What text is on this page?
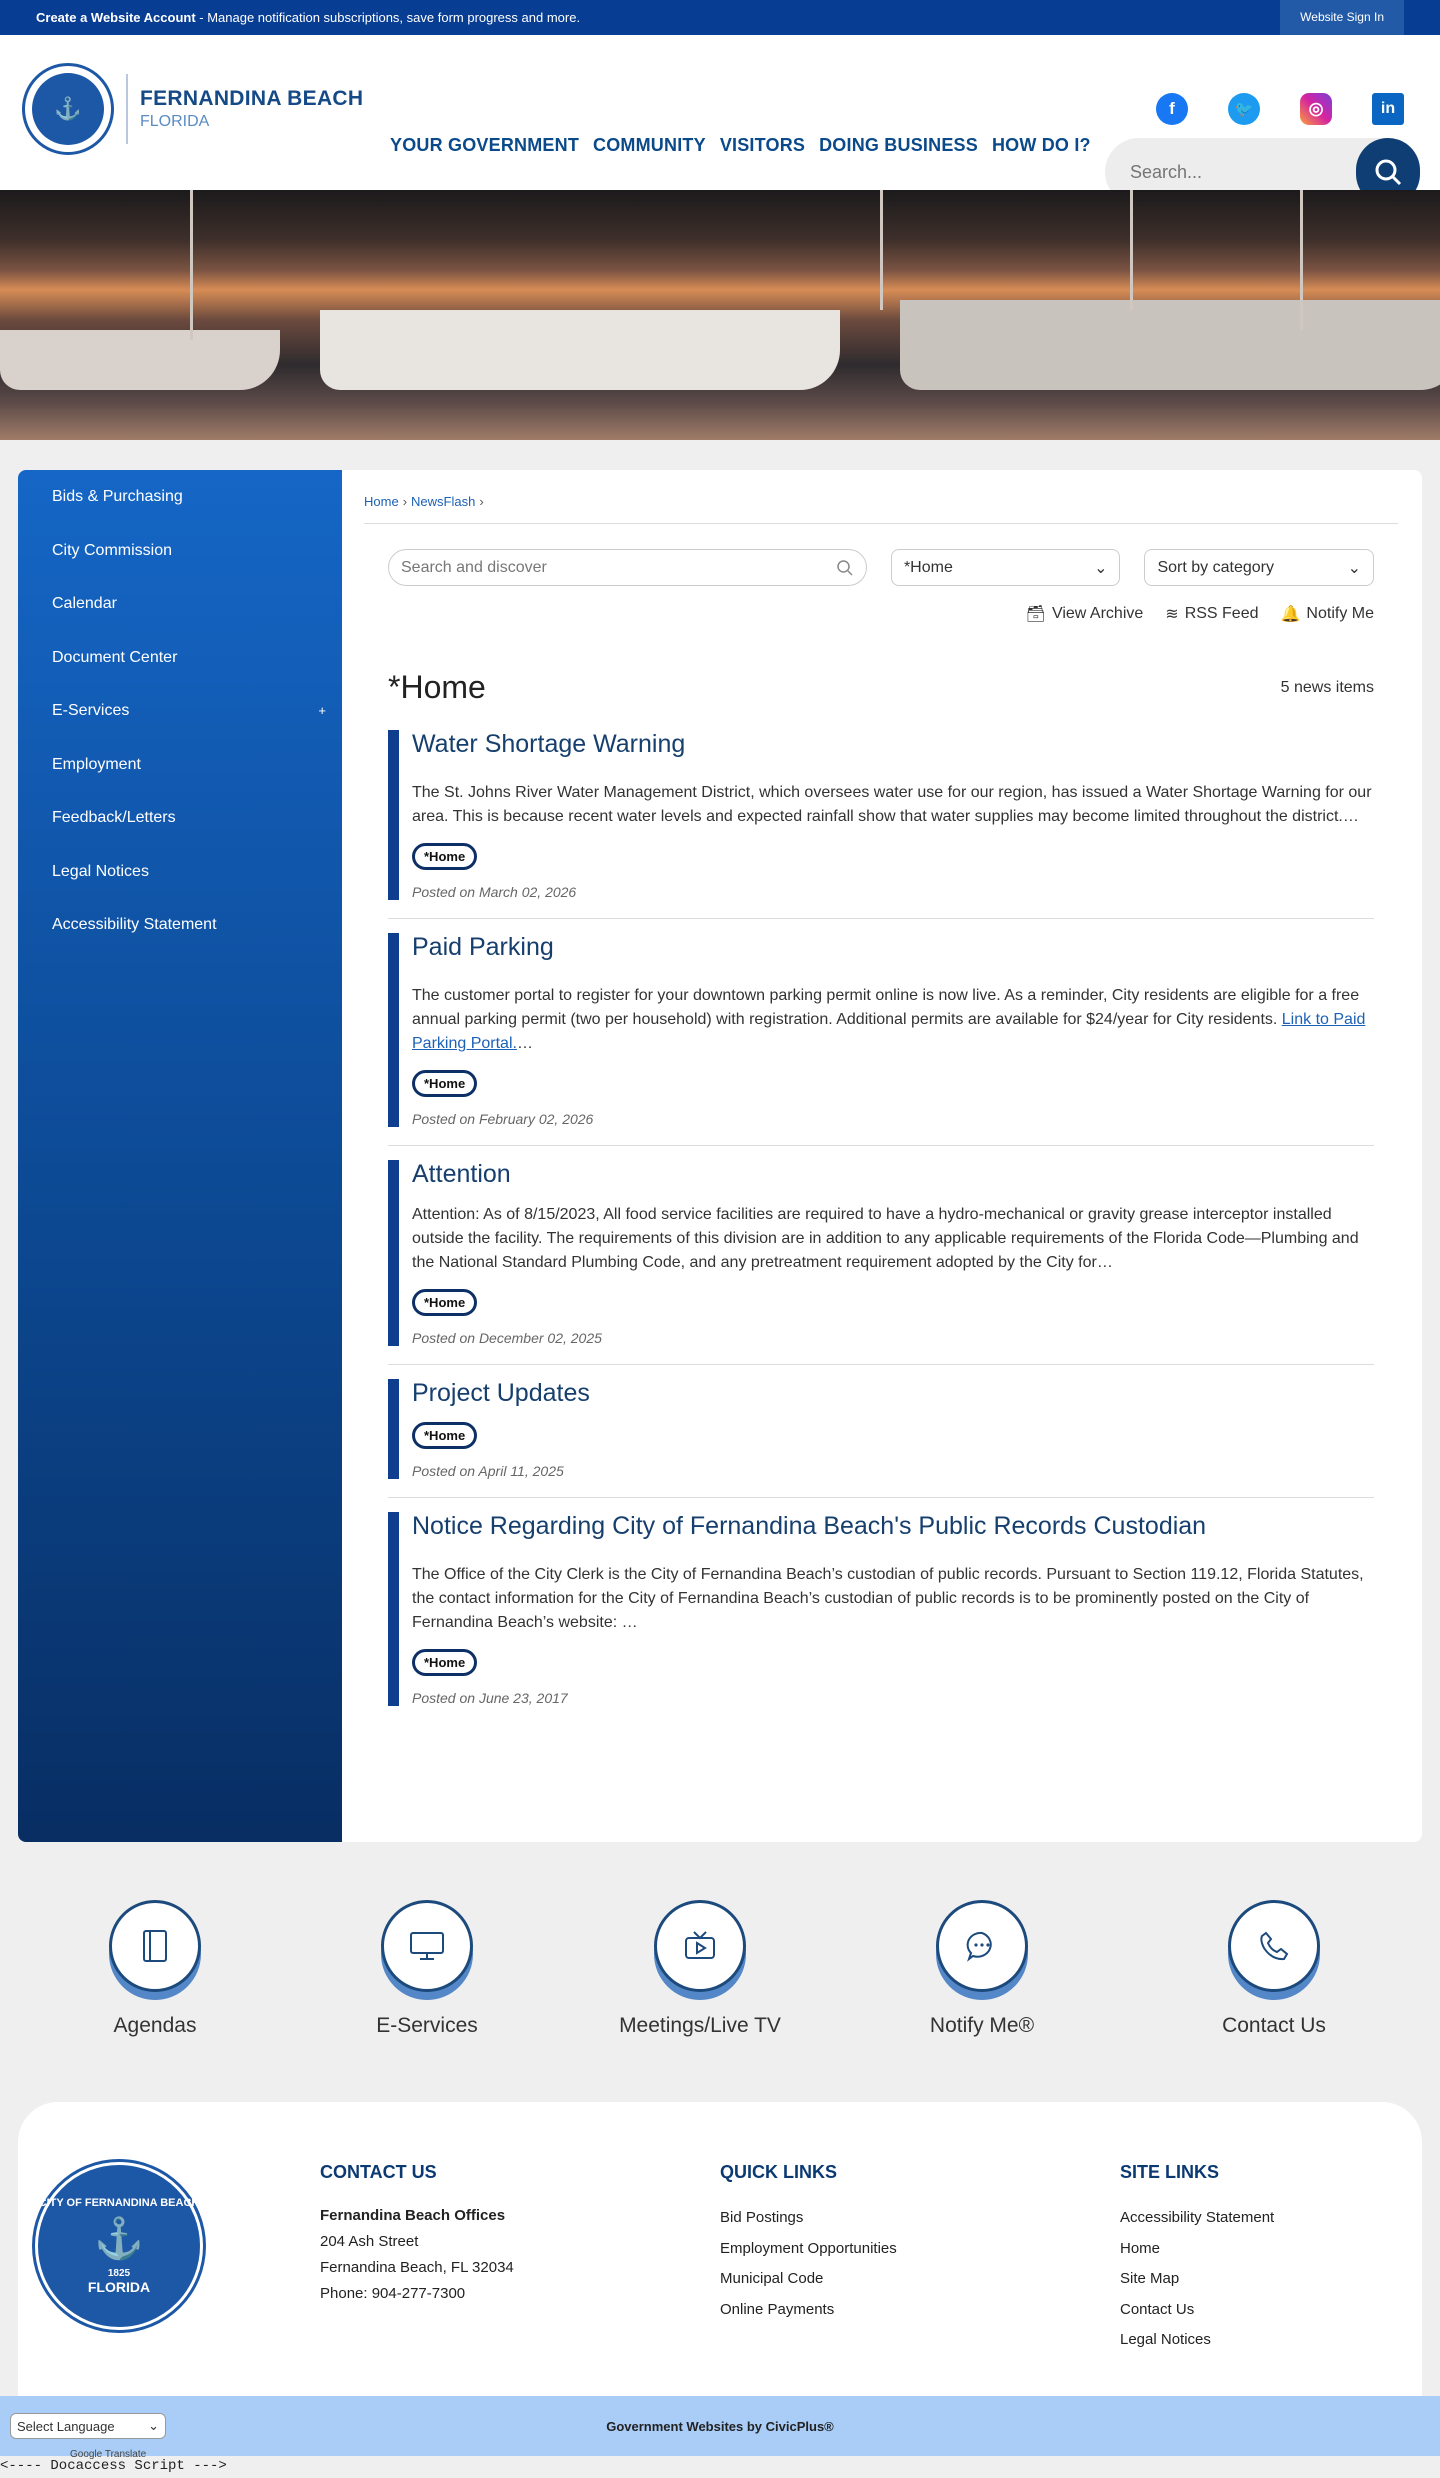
Create a Website Account - Manage notification subscriptions, save form progress and more.	Website Sign In
⚓	FERNANDINA BEACH
FLORIDA
YOUR GOVERNMENT COMMUNITY VISITORS DOING BUSINESS HOW DO I?
f	🐦	◎	in
Search...
Bids & Purchasing
City Commission
Calendar
Document Center
E-Services	+
Employment
Feedback/Letters
Legal Notices
Accessibility Statement
Home › NewsFlash ›
Search and discover	*Home	⌄	Sort by category	⌄
🗃 View Archive ≋ RSS Feed 🔔 Notify Me
*Home	5 news items
Water Shortage Warning

The St. Johns River Water Management District, which oversees water use for our region, has issued a Water Shortage Warning for our area. This is because recent water levels and expected rainfall show that water supplies may become limited throughout the district.…

*Home
Posted on March 02, 2026
Paid Parking

The customer portal to register for your downtown parking permit online is now live. As a reminder, City residents are eligible for a free annual parking permit (two per household) with registration. Additional permits are available for $24/year for City residents. Link to Paid Parking Portal.…

*Home
Posted on February 02, 2026
Attention

Attention: As of 8/15/2023, All food service facilities are required to have a hydro-mechanical or gravity grease interceptor installed outside the facility. The requirements of this division are in addition to any applicable requirements of the Florida Code—Plumbing and the National Standard Plumbing Code, and any pretreatment requirement adopted by the City for…

*Home
Posted on December 02, 2025
Project Updates
*Home
Posted on April 11, 2025
Notice Regarding City of Fernandina Beach's Public Records Custodian

The Office of the City Clerk is the City of Fernandina Beach’s custodian of public records. Pursuant to Section 119.12, Florida Statutes, the contact information for the City of Fernandina Beach’s custodian of public records is to be prominently posted on the City of Fernandina Beach’s website: …

*Home
Posted on June 23, 2017
Agendas	E-Services	Meetings/Live TV	Notify Me®	Contact Us
CITY OF FERNANDINA BEACH
⚓
1825
FLORIDA
CONTACT US
Fernandina Beach Offices
204 Ash Street
Fernandina Beach, FL 32034
Phone: 904-277-7300
QUICK LINKS
Bid Postings
Employment Opportunities
Municipal Code
Online Payments
SITE LINKS
Accessibility Statement
Home
Site Map
Contact Us
Legal Notices
Government Websites by CivicPlus®
Select Language	⌄
Google Translate
<---- Docaccess Script --->
